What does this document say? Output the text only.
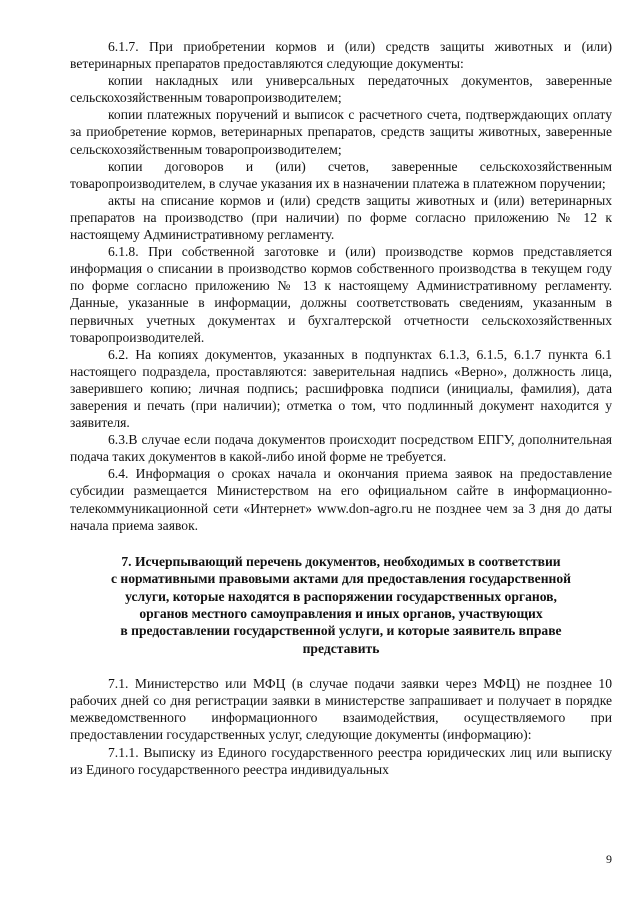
6.1.7. При приобретении кормов и (или) средств защиты животных и (или) ветеринарных препаратов предоставляются следующие документы:

копии накладных или универсальных передаточных документов, заверенные сельскохозяйственным товаропроизводителем;

копии платежных поручений и выписок с расчетного счета, подтверждающих оплату за приобретение кормов, ветеринарных препаратов, средств защиты животных, заверенные сельскохозяйственным товаропроизводителем;

копии договоров и (или) счетов, заверенные сельскохозяйственным товаропроизводителем, в случае указания их в назначении платежа в платежном поручении;

акты на списание кормов и (или) средств защиты животных и (или) ветеринарных препаратов на производство (при наличии) по форме согласно приложению № 12 к настоящему Административному регламенту.

6.1.8. При собственной заготовке и (или) производстве кормов представляется информация о списании в производство кормов собственного производства в текущем году по форме согласно приложению № 13 к настоящему Административному регламенту. Данные, указанные в информации, должны соответствовать сведениям, указанным в первичных учетных документах и бухгалтерской отчетности сельскохозяйственных товаропроизводителей.

6.2. На копиях документов, указанных в подпунктах 6.1.3, 6.1.5, 6.1.7 пункта 6.1 настоящего подраздела, проставляются: заверительная надпись «Верно», должность лица, заверившего копию; личная подпись; расшифровка подписи (инициалы, фамилия), дата заверения и печать (при наличии); отметка о том, что подлинный документ находится у заявителя.

6.3.В случае если подача документов происходит посредством ЕПГУ, дополнительная подача таких документов в какой-либо иной форме не требуется.

6.4. Информация о сроках начала и окончания приема заявок на предоставление субсидии размещается Министерством на его официальном сайте в информационно-телекоммуникационной сети «Интернет» www.don-agro.ru не позднее чем за 3 дня до даты начала приема заявок.

7. Исчерпывающий перечень документов, необходимых в соответствии
с нормативными правовыми актами для предоставления государственной
услуги, которые находятся в распоряжении государственных органов,
органов местного самоуправления и иных органов, участвующих
в предоставлении государственной услуги, и которые заявитель вправе
представить

7.1. Министерство или МФЦ (в случае подачи заявки через МФЦ) не позднее 10 рабочих дней со дня регистрации заявки в министерстве запрашивает и получает в порядке межведомственного информационного взаимодействия, осуществляемого при предоставлении государственных услуг, следующие документы (информацию):

7.1.1. Выписку из Единого государственного реестра юридических лиц или выписку из Единого государственного реестра индивидуальных

9
